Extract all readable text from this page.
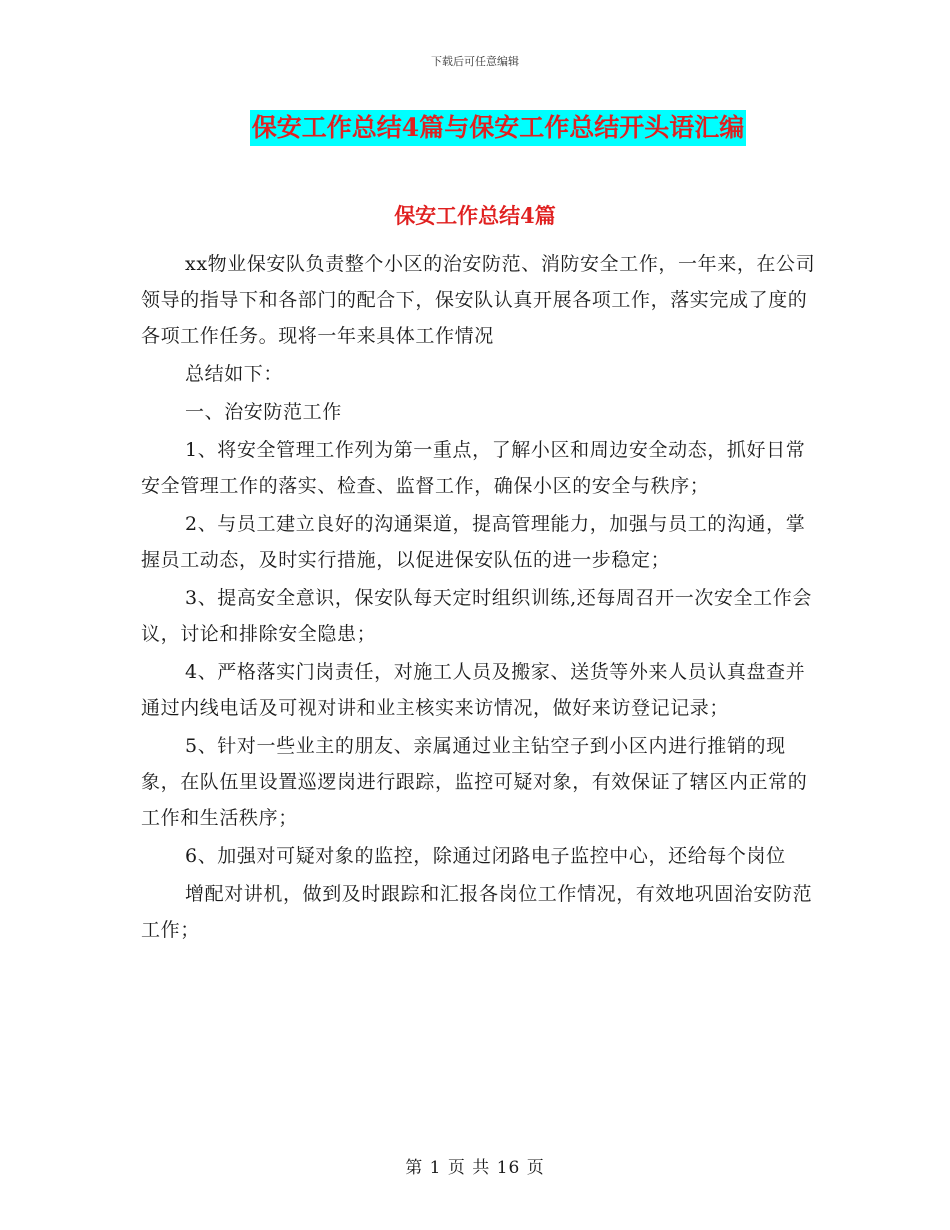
下载后可任意编辑
保安工作总结4篇与保安工作总结开头语汇编
保安工作总结4篇

xx物业保安队负责整个小区的治安防范、消防安全工作，一年来，在公司领导的指导下和各部门的配合下，保安队认真开展各项工作，落实完成了度的各项工作任务。现将一年来具体工作情况

总结如下：

一、治安防范工作

1、将安全管理工作列为第一重点，了解小区和周边安全动态，抓好日常安全管理工作的落实、检查、监督工作，确保小区的安全与秩序；

2、与员工建立良好的沟通渠道，提高管理能力，加强与员工的沟通，掌握员工动态，及时实行措施，以促进保安队伍的进一步稳定；

3、提高安全意识，保安队每天定时组织训练,还每周召开一次安全工作会议，讨论和排除安全隐患；

4、严格落实门岗责任，对施工人员及搬家、送货等外来人员认真盘查并通过内线电话及可视对讲和业主核实来访情况，做好来访登记记录；

5、针对一些业主的朋友、亲属通过业主钻空子到小区内进行推销的现象，在队伍里设置巡逻岗进行跟踪，监控可疑对象，有效保证了辖区内正常的工作和生活秩序；

6、加强对可疑对象的监控，除通过闭路电子监控中心，还给每个岗位

增配对讲机，做到及时跟踪和汇报各岗位工作情况，有效地巩固治安防范工作；

第 1 页 共 16 页
